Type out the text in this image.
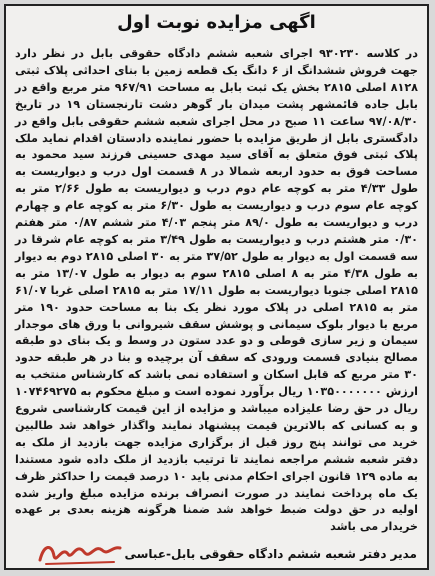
اگهی مزایده نوبت اول
در کلاسه ۹۳۰۲۳۰ اجرای شعبه ششم دادگاه حقوقی بابل در نظر دارد جهت فروش ششدانگ از ۶ دانگ یک قطعه زمین با بنای احداثی پلاک ثبتی ۸۱۲۸ اصلی ۲۸۱۵ بخش یک ثبت بابل به مساحت ۹۶۷/۹۱ متر مربع واقع در بابل جاده قائمشهر پشت میدان بار گوهر دشت تارنجستان ۱۹ در تاریخ ۹۷/۰۸/۳۰ ساعت ۱۱ صبح در محل اجرای شعبه ششم حقوقی بابل واقع در دادگستری بابل از طریق مزایده با حضور نماینده دادستان اقدام نماید ملک پلاک ثبتی فوق متعلق به آقای سید مهدی حسینی فرزند سید محمود به مساحت فوق به حدود اربعه شمالا در ۸ قسمت اول درب و دیواریست به طول ۴/۳۳ متر به کوچه عام دوم درب و دیواریست به طول ۲/۶۶ متر به کوچه عام سوم درب و دیواریست به طول ۶/۳۰ متر به کوچه عام و چهارم درب و دیواریست به طول ۸۹/۰ متر پنجم ۴/۰۳ متر ششم ۰/۸۷ متر هفتم ۰/۳۰ متر هشتم درب و دیواریست به طول ۳/۴۹ متر به کوچه عام شرقا در سه قسمت اول به دیوار به طول ۳۷/۵۲ متر به ۳۰ اصلی ۲۸۱۵ دوم به دیوار به طول ۴/۳۸ متر به ۸ اصلی ۲۸۱۵ سوم به دیوار به طول ۱۳/۰۷ متر به ۲۸۱۵ اصلی جنوبا دیواریست به طول ۱۷/۱۱ متر به ۲۸۱۵ اصلی غربا ۶۱/۰۷ متر به ۲۸۱۵ اصلی در پلاک مورد نظر یک بنا به مساحت حدود ۱۹۰ متر مربع با دیوار بلوک سیمانی و پوشش سقف شیروانی با ورق های موجدار سیمان و زیر سازی قوطی و دو عدد ستون در وسط و یک بنای دو طبقه مصالح بنیادی قسمت ورودی که سقف آن برچیده و بنا در هر طبقه حدود ۳۰ متر مربع که قابل اسکان و استفاده نمی باشد که کارشناس منتخب به ارزش ۱۰۳۵۰۰۰۰۰۰۰ ریال برآورد نموده است و مبلغ محکوم به ۱۰۷۴۶۹۲۷۵ ریال در حق رضا علیزاده میباشد و مزایده از این قیمت کارشناسی شروع و به کسانی که بالاترین قیمت پیشنهاد نمایند واگذار خواهد شد طالبین خرید می توانند پنج روز قبل از برگزاری مزایده جهت بازدید از ملک به دفتر شعبه ششم مراجعه نمایند تا ترتیب بازدید از ملک داده شود مستندا به ماده ۱۲۹ قانون اجرای احکام مدنی باید ۱۰ درصد قیمت را حداکثر ظرف یک ماه پرداخت نمایند در صورت انصراف برنده مزایده مبلغ واریز شده اولیه در حق دولت ضبط خواهد شد ضمنا هرگونه هزینه بعدی بر عهده خریدار می باشد
مدیر دفتر شعبه ششم دادگاه حقوقی بابل-عباسی
